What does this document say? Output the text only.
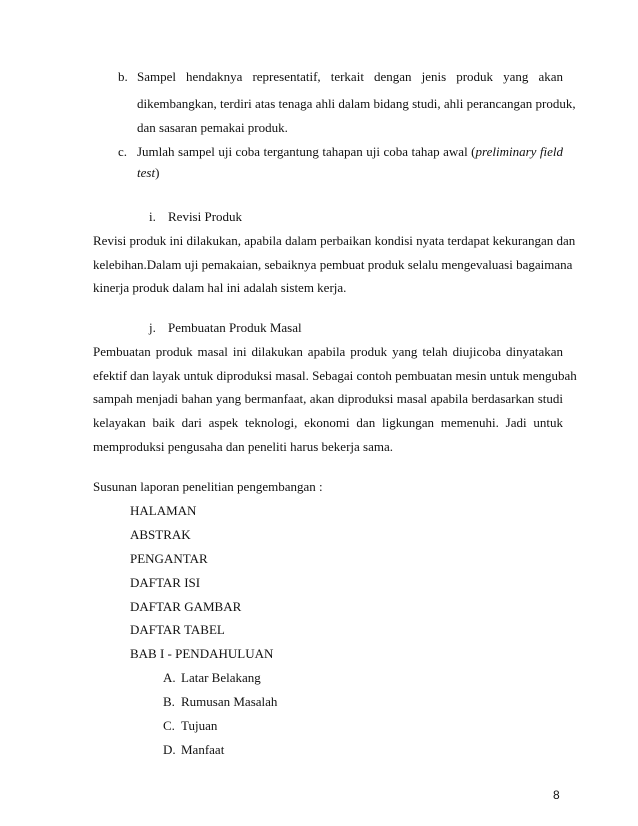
b. Sampel hendaknya representatif, terkait dengan jenis produk yang akan
dikembangkan, terdiri atas tenaga ahli dalam bidang studi, ahli perancangan produk,
dan sasaran pemakai produk.
c. Jumlah sampel uji coba tergantung tahapan uji coba tahap awal (preliminary field
test)
i. Revisi Produk
Revisi produk ini dilakukan, apabila dalam perbaikan kondisi nyata terdapat kekurangan dan
kelebihan.Dalam uji pemakaian, sebaiknya pembuat produk selalu mengevaluasi bagaimana
kinerja produk dalam hal ini adalah sistem kerja.
j. Pembuatan Produk Masal
Pembuatan produk masal ini dilakukan apabila produk yang telah diujicoba dinyatakan
efektif dan layak untuk diproduksi masal. Sebagai contoh pembuatan mesin untuk mengubah
sampah menjadi bahan yang bermanfaat, akan diproduksi masal apabila berdasarkan studi
kelayakan baik dari aspek teknologi, ekonomi dan ligkungan memenuhi. Jadi untuk
memproduksi pengusaha dan peneliti harus bekerja sama.
Susunan laporan penelitian pengembangan :
HALAMAN
ABSTRAK
PENGANTAR
DAFTAR ISI
DAFTAR GAMBAR
DAFTAR TABEL
BAB I - PENDAHULUAN
A. Latar Belakang
B. Rumusan Masalah
C. Tujuan
D. Manfaat
8
